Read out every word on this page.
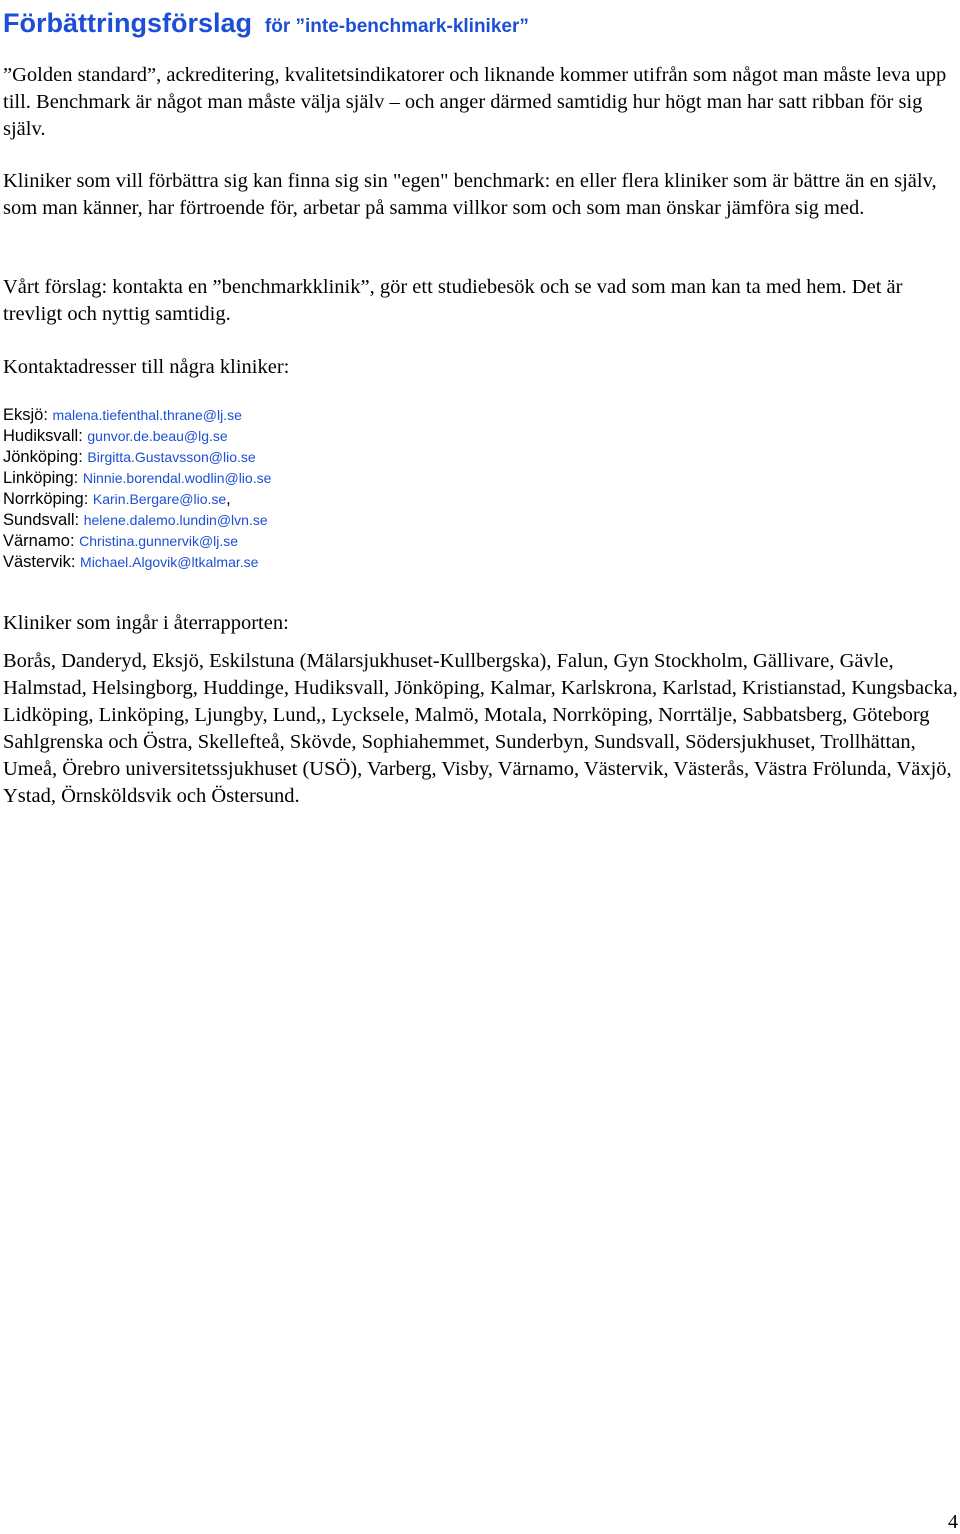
Förbättringsförslag för ”inte-benchmark-kliniker”

”Golden standard”, ackreditering, kvalitetsindikatorer och liknande kommer utifrån som något man måste leva upp till. Benchmark är något man måste välja själv – och anger därmed samtidig hur högt man har satt ribban för sig själv.

Kliniker som vill förbättra sig kan finna sig sin "egen" benchmark: en eller flera kliniker som är bättre än en själv, som man känner, har förtroende för, arbetar på samma villkor som och som man önskar jämföra sig med.

Vårt förslag: kontakta en ”benchmarkklinik”, gör ett studiebesök och se vad som man kan ta med hem. Det är trevligt och nyttig samtidig.

Kontaktadresser till några kliniker:

Eksjö: malena.tiefenthal.thrane@lj.se
Hudiksvall: gunvor.de.beau@lg.se
Jönköping: Birgitta.Gustavsson@lio.se
Linköping: Ninnie.borendal.wodlin@lio.se
Norrköping: Karin.Bergare@lio.se,
Sundsvall: helene.dalemo.lundin@lvn.se
Värnamo: Christina.gunnervik@lj.se
Västervik: Michael.Algovik@ltkalmar.se

Kliniker som ingår i återrapporten:

Borås, Danderyd, Eksjö, Eskilstuna (Mälarsjukhuset-Kullbergska), Falun, Gyn Stockholm, Gällivare, Gävle, Halmstad, Helsingborg, Huddinge, Hudiksvall, Jönköping, Kalmar, Karlskrona, Karlstad, Kristianstad, Kungsbacka, Lidköping, Linköping, Ljungby, Lund,, Lycksele, Malmö, Motala, Norrköping, Norrtälje, Sabbatsberg, Göteborg Sahlgrenska och Östra, Skellefteå, Skövde, Sophiahemmet, Sunderbyn, Sundsvall, Södersjukhuset, Trollhättan, Umeå, Örebro universitetssjukhuset (USÖ), Varberg, Visby, Värnamo, Västervik, Västerås, Västra Frölunda, Växjö, Ystad, Örnsköldsvik och Östersund.

4
